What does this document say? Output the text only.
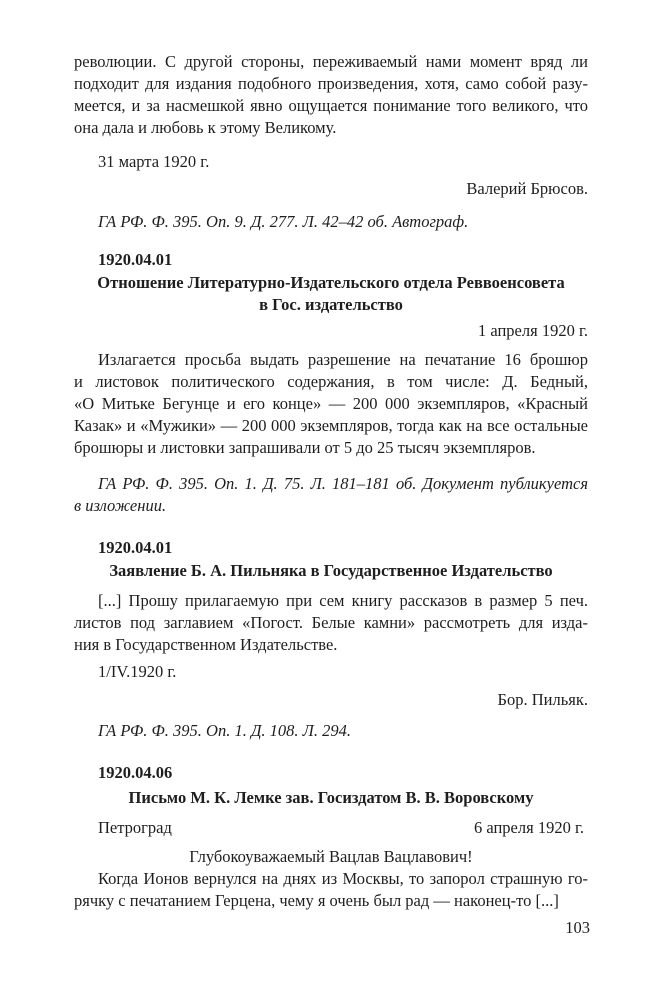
революции. С другой стороны, переживаемый нами момент вряд ли

подходит для издания подобного произведения, хотя, само собой разу-

меется, и за насмешкой явно ощущается понимание того великого, что

она дала и любовь к этому Великому.

31 марта 1920 г.

Валерий Брюсов.

ГА РФ. Ф. 395. Оп. 9. Д. 277. Л. 42–42 об. Автограф.

1920.04.01

Отношение Литературно-Издательского отдела Реввоенсовета

в Гос. издательство

1 апреля 1920 г.

Излагается просьба выдать разрешение на печатание 16 брошюр

и листовок политического содержания, в том числе: Д. Бедный,

«О Митьке Бегунце и его конце» — 200 000 экземпляров, «Красный

Казак» и «Мужики» — 200 000 экземпляров, тогда как на все остальные

брошюры и листовки запрашивали от 5 до 25 тысяч экземпляров.

ГА РФ. Ф. 395. Оп. 1. Д. 75. Л. 181–181 об. Документ публикуется

в изложении.

1920.04.01

Заявление Б. А. Пильняка в Государственное Издательство

[...] Прошу прилагаемую при сем книгу рассказов в размер 5 печ.

листов под заглавием «Погост. Белые камни» рассмотреть для изда-

ния в Государственном Издательстве.

1/IV.1920 г.

Бор. Пильяк.

ГА РФ. Ф. 395. Оп. 1. Д. 108. Л. 294.

1920.04.06

Письмо М. К. Лемке зав. Госиздатом В. В. Воровскому

Петроград	6 апреля 1920 г.

Глубокоуважаемый Вацлав Вацлавович!

Когда Ионов вернулся на днях из Москвы, то запорол страшную го-

рячку с печатанием Герцена, чему я очень был рад — наконец-то [...]

103
